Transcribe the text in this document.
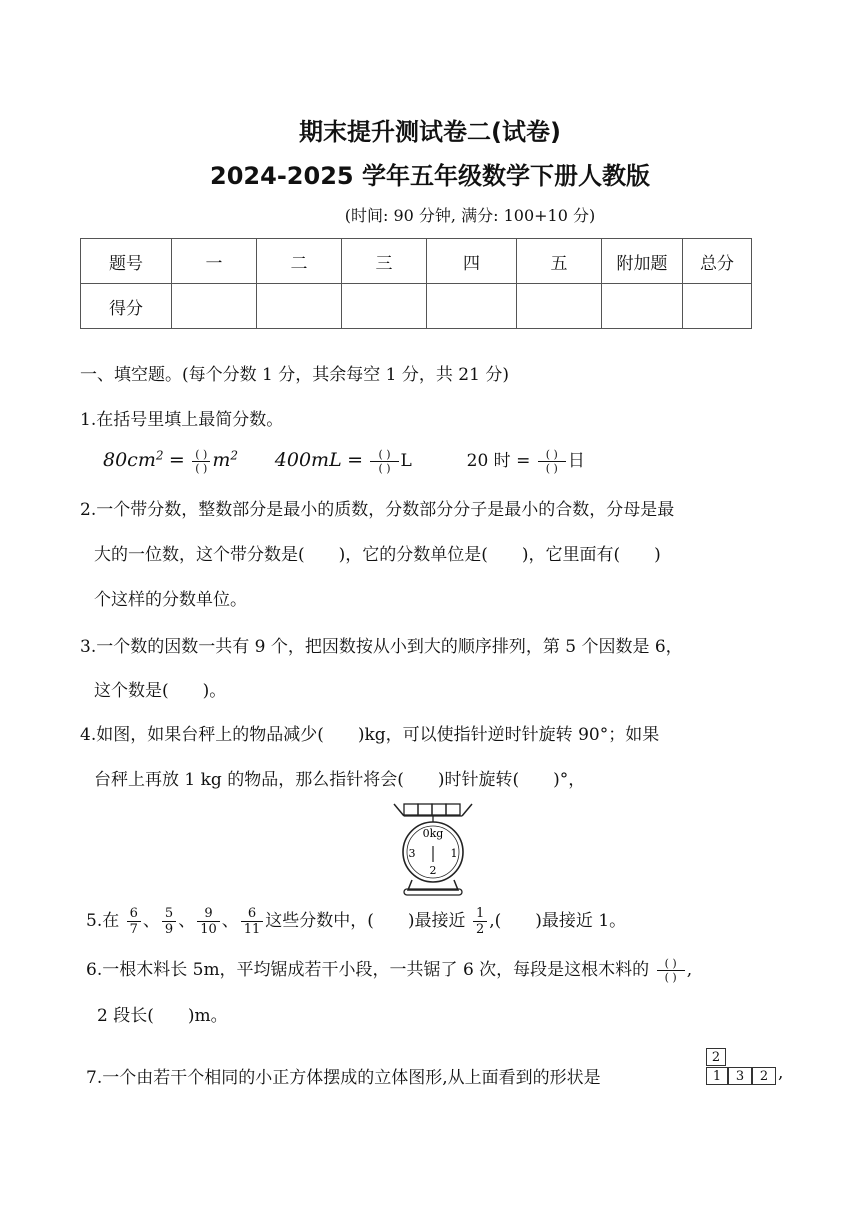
期末提升测试卷二(试卷)
2024-2025 学年五年级数学下册人教版
(时间: 90 分钟, 满分: 100+10 分)
题号	一	二	三	四	五	附加题	总分
得分							
一、填空题。(每个分数 1 分，其余每空 1 分，共 21 分)
1.在括号里填上最简分数。
$80cm^2 = \frac{( )}{( )} m^2$ $400mL = \frac{( )}{( )}$ L	20 时 = $\frac{( )}{( )}$ 日
2.一个带分数，整数部分是最小的质数，分数部分分子是最小的合数，分母是最
大的一位数，这个带分数是(　　)，它的分数单位是(　　)，它里面有(　　)
个这样的分数单位。
3.一个数的因数一共有 9 个，把因数按从小到大的顺序排列，第 5 个因数是 6，
这个数是(　　)。
4.如图，如果台秤上的物品减少(　　)kg，可以使指针逆时针旋转 90°；如果
台秤上再放 1 kg 的物品，那么指针将会(　　)时针旋转(　　)°，
0kg
3	1
2
5.在 $\frac{6}{7}$ 、 $\frac{5}{9}$ 、 $\frac{9}{10}$ 、 $\frac{6}{11}$ 这些分数中，(　　)最接近 $\frac{1}{2}$ ,(　　)最接近 1。
6.一根木料长 5m，平均锯成若干小段，一共锯了 6 次，每段是这根木料的 $\frac{( )}{( )}$ ,
2 段长(　　)m。
7.一个由若干个相同的小正方体摆成的立体图形,从上面看到的形状是
2
1	3	2 ,
